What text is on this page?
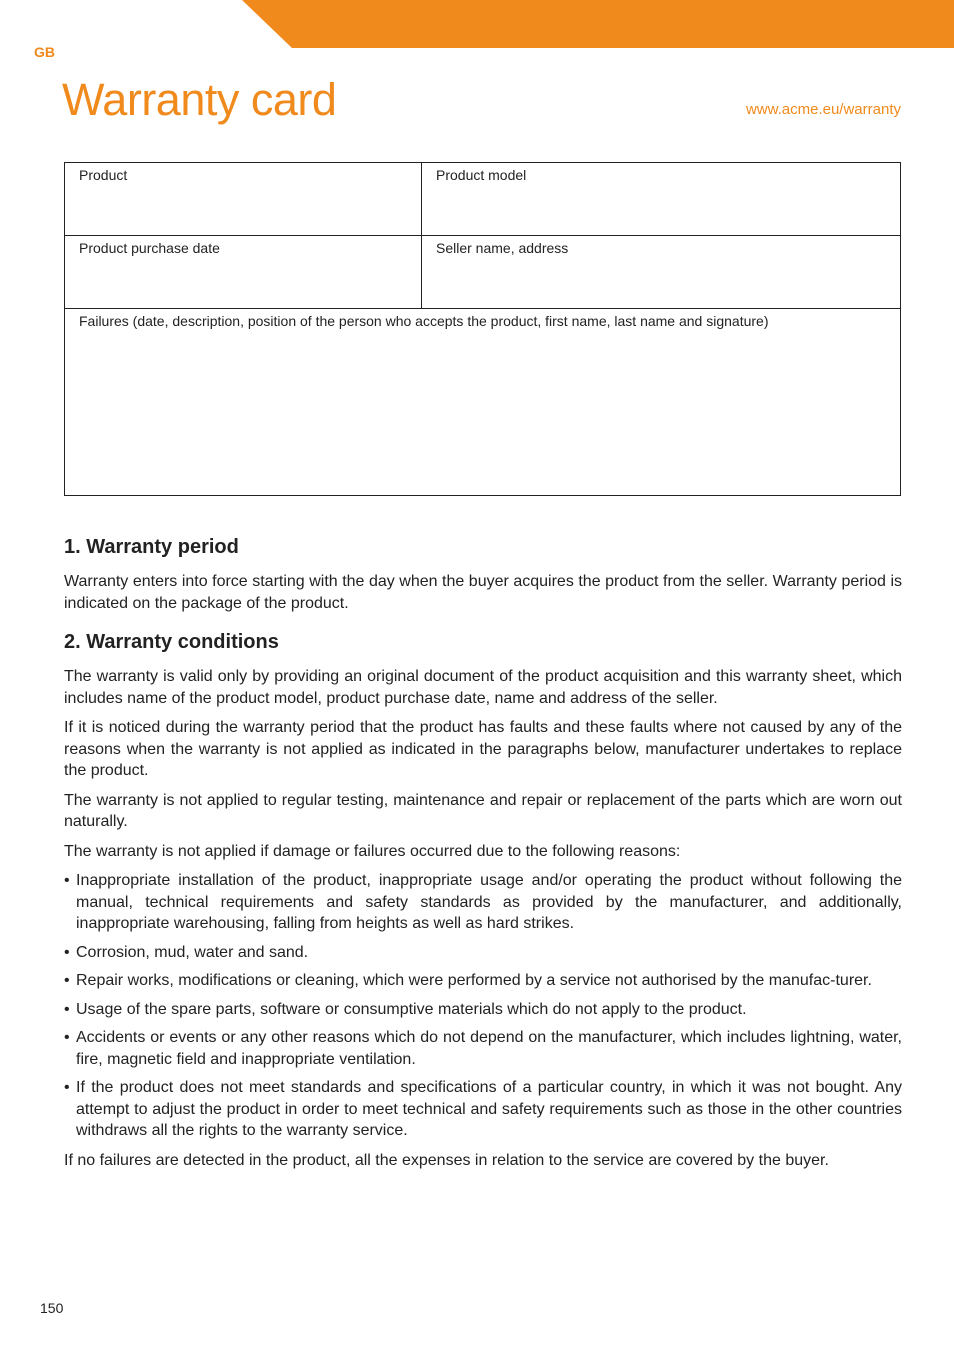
GB
Warranty card	www.acme.eu/warranty
Product	Product model
Product purchase date	Seller name, address
Failures (date, description, position of the person who accepts the product, first name, last name and signature)	
1. Warranty period

Warranty enters into force starting with the day when the buyer acquires the product from the seller. Warranty period is indicated on the package of the product.

2. Warranty conditions

The warranty is valid only by providing an original document of the product acquisition and this warranty sheet, which includes name of the product model, product purchase date, name and address of the seller.

If it is noticed during the warranty period that the product has faults and these faults where not caused by any of the reasons when the warranty is not applied as indicated in the paragraphs below, manufacturer undertakes to replace the product.

The warranty is not applied to regular testing, maintenance and repair or replacement of the parts which are worn out naturally.

The warranty is not applied if damage or failures occurred due to the following reasons:

• Inappropriate installation of the product, inappropriate usage and/or operating the product without following the manual, technical requirements and safety standards as provided by the manufacturer, and additionally, inappropriate warehousing, falling from heights as well as hard strikes.
• Corrosion, mud, water and sand.
• Repair works, modifications or cleaning, which were performed by a service not authorised by the manufac-turer.
• Usage of the spare parts, software or consumptive materials which do not apply to the product.
• Accidents or events or any other reasons which do not depend on the manufacturer, which includes lightning, water, fire, magnetic field and inappropriate ventilation.
• If the product does not meet standards and specifications of a particular country, in which it was not bought. Any attempt to adjust the product in order to meet technical and safety requirements such as those in the other countries withdraws all the rights to the warranty service.

If no failures are detected in the product, all the expenses in relation to the service are covered by the buyer.

150
